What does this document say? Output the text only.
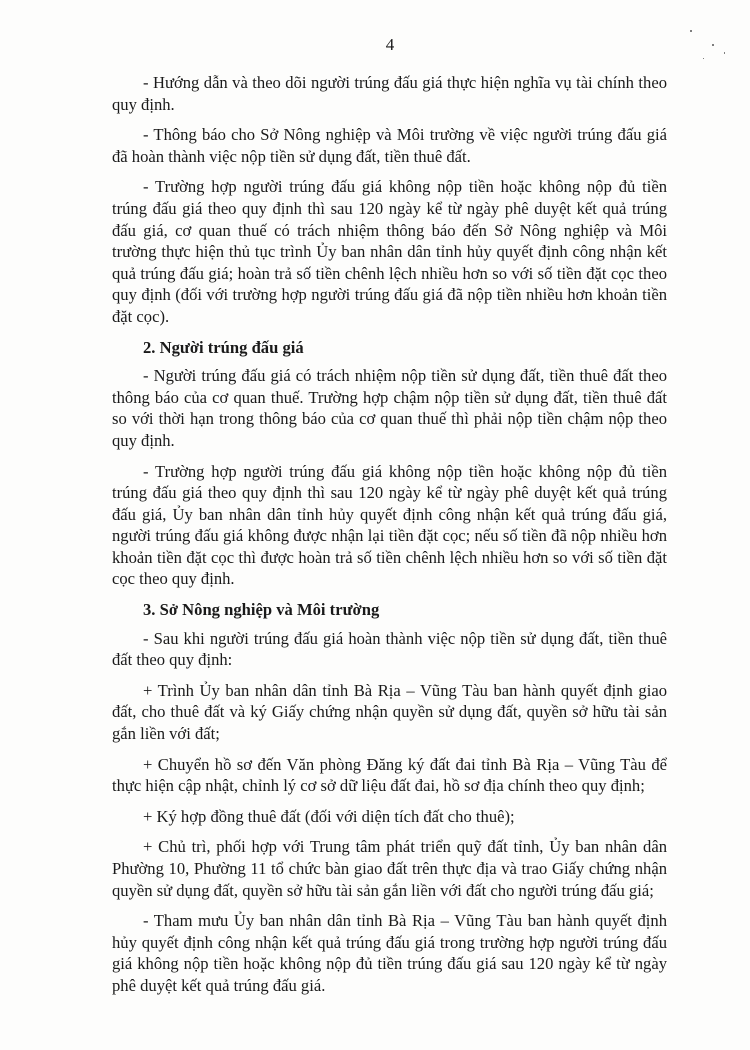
4

- Hướng dẫn và theo dõi người trúng đấu giá thực hiện nghĩa vụ tài chính theo quy định.

- Thông báo cho Sở Nông nghiệp và Môi trường về việc người trúng đấu giá đã hoàn thành việc nộp tiền sử dụng đất, tiền thuê đất.

- Trường hợp người trúng đấu giá không nộp tiền hoặc không nộp đủ tiền trúng đấu giá theo quy định thì sau 120 ngày kể từ ngày phê duyệt kết quả trúng đấu giá, cơ quan thuế có trách nhiệm thông báo đến Sở Nông nghiệp và Môi trường thực hiện thủ tục trình Ủy ban nhân dân tỉnh hủy quyết định công nhận kết quả trúng đấu giá; hoàn trả số tiền chênh lệch nhiều hơn so với số tiền đặt cọc theo quy định (đối với trường hợp người trúng đấu giá đã nộp tiền nhiều hơn khoản tiền đặt cọc).

2. Người trúng đấu giá

- Người trúng đấu giá có trách nhiệm nộp tiền sử dụng đất, tiền thuê đất theo thông báo của cơ quan thuế. Trường hợp chậm nộp tiền sử dụng đất, tiền thuê đất so với thời hạn trong thông báo của cơ quan thuế thì phải nộp tiền chậm nộp theo quy định.

- Trường hợp người trúng đấu giá không nộp tiền hoặc không nộp đủ tiền trúng đấu giá theo quy định thì sau 120 ngày kể từ ngày phê duyệt kết quả trúng đấu giá, Ủy ban nhân dân tỉnh hủy quyết định công nhận kết quả trúng đấu giá, người trúng đấu giá không được nhận lại tiền đặt cọc; nếu số tiền đã nộp nhiều hơn khoản tiền đặt cọc thì được hoàn trả số tiền chênh lệch nhiều hơn so với số tiền đặt cọc theo quy định.

3. Sở Nông nghiệp và Môi trường

- Sau khi người trúng đấu giá hoàn thành việc nộp tiền sử dụng đất, tiền thuê đất theo quy định:

+ Trình Ủy ban nhân dân tỉnh Bà Rịa – Vũng Tàu ban hành quyết định giao đất, cho thuê đất và ký Giấy chứng nhận quyền sử dụng đất, quyền sở hữu tài sản gắn liền với đất;

+ Chuyển hồ sơ đến Văn phòng Đăng ký đất đai tỉnh Bà Rịa – Vũng Tàu để thực hiện cập nhật, chỉnh lý cơ sở dữ liệu đất đai, hồ sơ địa chính theo quy định;

+ Ký hợp đồng thuê đất (đối với diện tích đất cho thuê);

+ Chủ trì, phối hợp với Trung tâm phát triển quỹ đất tỉnh, Ủy ban nhân dân Phường 10, Phường 11 tổ chức bàn giao đất trên thực địa và trao Giấy chứng nhận quyền sử dụng đất, quyền sở hữu tài sản gắn liền với đất cho người trúng đấu giá;

- Tham mưu Ủy ban nhân dân tỉnh Bà Rịa – Vũng Tàu ban hành quyết định hủy quyết định công nhận kết quả trúng đấu giá trong trường hợp người trúng đấu giá không nộp tiền hoặc không nộp đủ tiền trúng đấu giá sau 120 ngày kể từ ngày phê duyệt kết quả trúng đấu giá.
